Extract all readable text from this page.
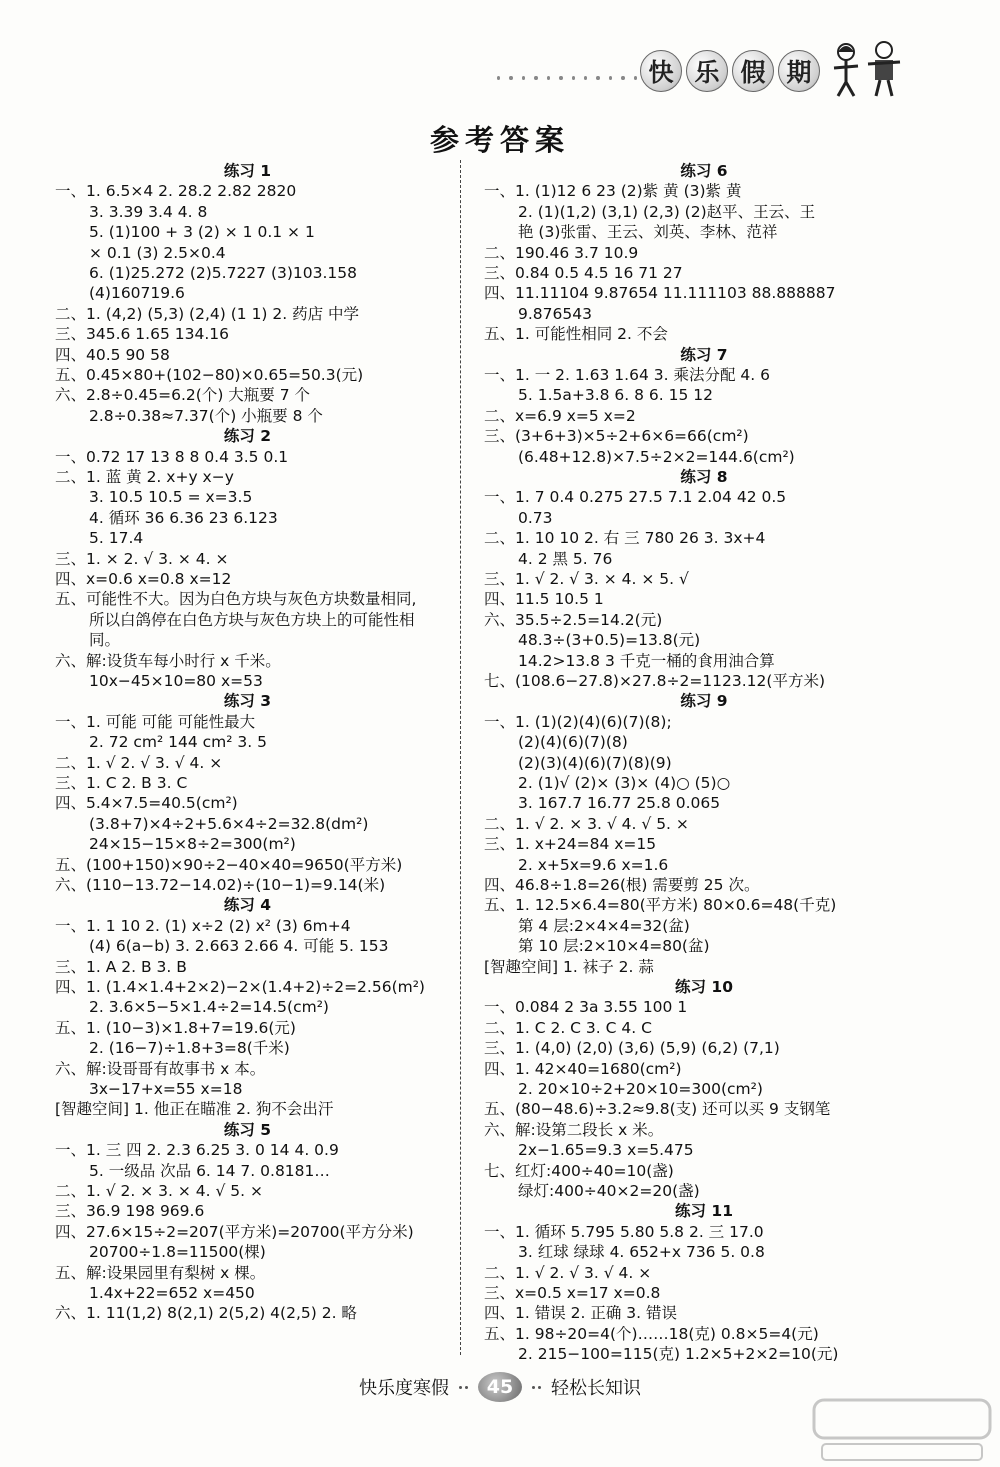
快 乐 假 期
参考答案
练习 1
一、1. 6.5×4 2. 28.2 2.82 2820
3. 3.39 3.4 4. 8
5. (1)100 + 3 (2) × 1 0.1 × 1
× 0.1 (3) 2.5×0.4
6. (1)25.272 (2)5.7227 (3)103.158
(4)160719.6
二、1. (4,2) (5,3) (2,4) (1 1) 2. 药店 中学
三、345.6 1.65 134.16
四、40.5 90 58
五、0.45×80+(102−80)×0.65=50.3(元)
六、2.8÷0.45=6.2(个) 大瓶要 7 个
2.8÷0.38≈7.37(个) 小瓶要 8 个
练习 2
一、0.72 17 13 8 8 0.4 3.5 0.1
二、1. 蓝 黄 2. x+y x−y
3. 10.5 10.5 = x=3.5
4. 循环 36 6.36 23 6.123
5. 17.4
三、1. × 2. √ 3. × 4. ×
四、x=0.6 x=0.8 x=12
五、可能性不大。因为白色方块与灰色方块数量相同,
所以白鸽停在白色方块与灰色方块上的可能性相
同。
六、解:设货车每小时行 x 千米。
10x−45×10=80 x=53
练习 3
一、1. 可能 可能 可能性最大
2. 72 cm² 144 cm² 3. 5
二、1. √ 2. √ 3. √ 4. ×
三、1. C 2. B 3. C
四、5.4×7.5=40.5(cm²)
(3.8+7)×4÷2+5.6×4÷2=32.8(dm²)
24×15−15×8÷2=300(m²)
五、(100+150)×90÷2−40×40=9650(平方米)
六、(110−13.72−14.02)÷(10−1)=9.14(米)
练习 4
一、1. 1 10 2. (1) x÷2 (2) x² (3) 6m+4
(4) 6(a−b) 3. 2.663 2.66 4. 可能 5. 153
三、1. A 2. B 3. B
四、1. (1.4×1.4+2×2)−2×(1.4+2)÷2=2.56(m²)
2. 3.6×5−5×1.4÷2=14.5(cm²)
五、1. (10−3)×1.8+7=19.6(元)
2. (16−7)÷1.8+3=8(千米)
六、解:设哥哥有故事书 x 本。
3x−17+x=55 x=18
[智趣空间] 1. 他正在瞄准 2. 狗不会出汗
练习 5
一、1. 三 四 2. 2.3 6.25 3. 0 14 4. 0.9
5. 一级品 次品 6. 14 7. 0.8181…
二、1. √ 2. × 3. × 4. √ 5. ×
三、36.9 198 969.6
四、27.6×15÷2=207(平方米)=20700(平方分米)
20700÷1.8=11500(棵)
五、解:设果园里有梨树 x 棵。
1.4x+22=652 x=450
六、1. 11(1,2) 8(2,1) 2(5,2) 4(2,5) 2. 略
练习 6
一、1. (1)12 6 23 (2)紫 黄 (3)紫 黄
2. (1)(1,2) (3,1) (2,3) (2)赵平、王云、王
艳 (3)张雷、王云、刘英、李林、范祥
二、190.46 3.7 10.9
三、0.84 0.5 4.5 16 71 27
四、11.11104 9.87654 11.111103 88.888887
9.876543
五、1. 可能性相同 2. 不会
练习 7
一、1. 一 2. 1.63 1.64 3. 乘法分配 4. 6
5. 1.5a+3.8 6. 8 6. 15 12
二、x=6.9 x=5 x=2
三、(3+6+3)×5÷2+6×6=66(cm²)
(6.48+12.8)×7.5÷2×2=144.6(cm²)
练习 8
一、1. 7 0.4 0.275 27.5 7.1 2.04 42 0.5
0.73
二、1. 10 10 2. 右 三 780 26 3. 3x+4
4. 2 黑 5. 76
三、1. √ 2. √ 3. × 4. × 5. √
四、11.5 10.5 1
六、35.5÷2.5=14.2(元)
48.3÷(3+0.5)=13.8(元)
14.2>13.8 3 千克一桶的食用油合算
七、(108.6−27.8)×27.8÷2=1123.12(平方米)
练习 9
一、1. (1)(2)(4)(6)(7)(8);
(2)(4)(6)(7)(8)
(2)(3)(4)(6)(7)(8)(9)
2. (1)√ (2)× (3)× (4)○ (5)○
3. 167.7 16.77 25.8 0.065
二、1. √ 2. × 3. √ 4. √ 5. ×
三、1. x+24=84 x=15
2. x+5x=9.6 x=1.6
四、46.8÷1.8=26(根) 需要剪 25 次。
五、1. 12.5×6.4=80(平方米) 80×0.6=48(千克)
第 4 层:2×4×4=32(盆)
第 10 层:2×10×4=80(盆)
[智趣空间] 1. 袜子 2. 蒜
练习 10
一、0.084 2 3a 3.55 100 1
二、1. C 2. C 3. C 4. C
三、1. (4,0) (2,0) (3,6) (5,9) (6,2) (7,1)
四、1. 42×40=1680(cm²)
2. 20×10÷2+20×10=300(cm²)
五、(80−48.6)÷3.2≈9.8(支) 还可以买 9 支钢笔
六、解:设第二段长 x 米。
2x−1.65=9.3 x=5.475
七、红灯:400÷40=10(盏)
绿灯:400÷40×2=20(盏)
练习 11
一、1. 循环 5.795 5.80 5.8 2. 三 17.0
3. 红球 绿球 4. 652+x 736 5. 0.8
二、1. √ 2. √ 3. √ 4. ×
三、x=0.5 x=17 x=0.8
四、1. 错误 2. 正确 3. 错误
五、1. 98÷20=4(个)……18(克) 0.8×5=4(元)
2. 215−100=115(克) 1.2×5+2×2=10(元)
快乐度寒假	45	轻松长知识
